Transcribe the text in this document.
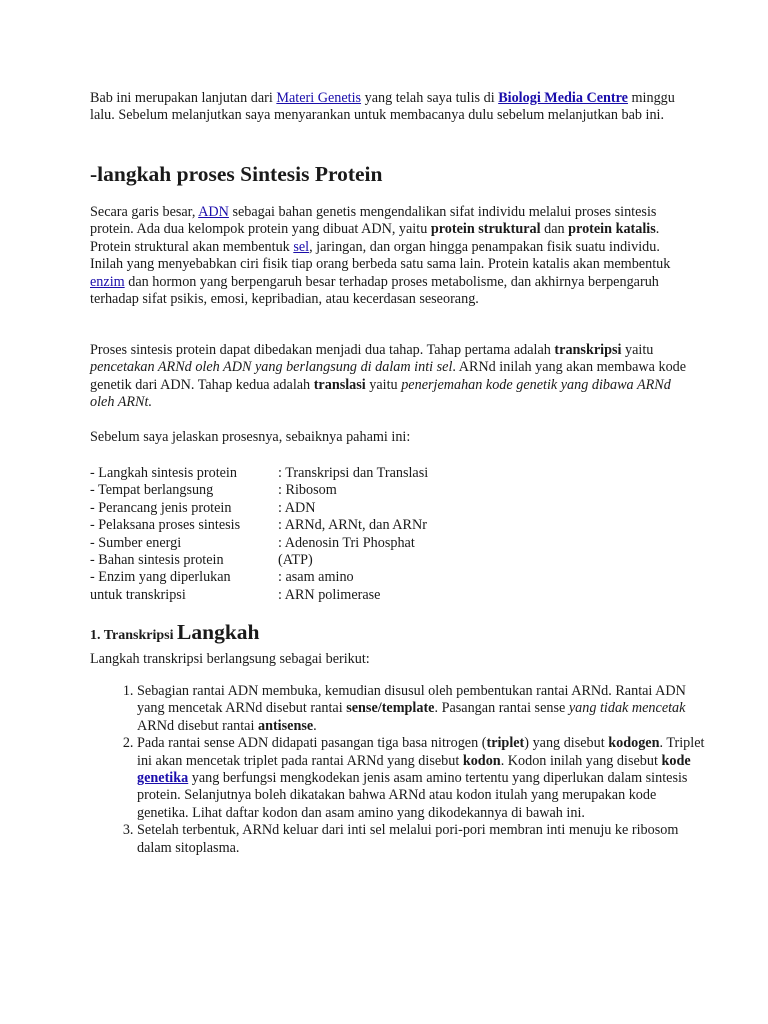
Bab ini merupakan lanjutan dari Materi Genetis yang telah saya tulis di Biologi Media Centre minggu lalu. Sebelum melanjutkan saya menyarankan untuk membacanya dulu sebelum melanjutkan bab ini.

-langkah proses Sintesis Protein

Secara garis besar, ADN sebagai bahan genetis mengendalikan sifat individu melalui proses sintesis protein. Ada dua kelompok protein yang dibuat ADN, yaitu protein struktural dan protein katalis. Protein struktural akan membentuk sel, jaringan, dan organ hingga penampakan fisik suatu individu. Inilah yang menyebabkan ciri fisik tiap orang berbeda satu sama lain. Protein katalis akan membentuk enzim dan hormon yang berpengaruh besar terhadap proses metabolisme, dan akhirnya berpengaruh terhadap sifat psikis, emosi, kepribadian, atau kecerdasan seseorang.

Proses sintesis protein dapat dibedakan menjadi dua tahap. Tahap pertama adalah transkripsi yaitu pencetakan ARNd oleh ADN yang berlangsung di dalam inti sel. ARNd inilah yang akan membawa kode genetik dari ADN. Tahap kedua adalah translasi yaitu penerjemahan kode genetik yang dibawa ARNd oleh ARNt.

Sebelum saya jelaskan prosesnya, sebaiknya pahami ini:

- Langkah sintesis protein	: Transkripsi dan Translasi
- Tempat berlangsung	: Ribosom
- Perancang jenis protein	: ADN
- Pelaksana proses sintesis	: ARNd, ARNt, dan ARNr
- Sumber energi	: Adenosin Tri Phosphat
- Bahan sintesis protein	(ATP)
- Enzim yang diperlukan	: asam amino
untuk transkripsi	: ARN polimerase
1. Transkripsi Langkah

Langkah transkripsi berlangsung sebagai berikut:

1. Sebagian rantai ADN membuka, kemudian disusul oleh pembentukan rantai ARNd. Rantai ADN yang mencetak ARNd disebut rantai sense/template. Pasangan rantai sense yang tidak mencetak ARNd disebut rantai antisense.
2. Pada rantai sense ADN didapati pasangan tiga basa nitrogen (triplet) yang disebut kodogen. Triplet ini akan mencetak triplet pada rantai ARNd yang disebut kodon. Kodon inilah yang disebut kode genetika yang berfungsi mengkodekan jenis asam amino tertentu yang diperlukan dalam sintesis protein. Selanjutnya boleh dikatakan bahwa ARNd atau kodon itulah yang merupakan kode genetika. Lihat daftar kodon dan asam amino yang dikodekannya di bawah ini.
3. Setelah terbentuk, ARNd keluar dari inti sel melalui pori-pori membran inti menuju ke ribosom dalam sitoplasma.
